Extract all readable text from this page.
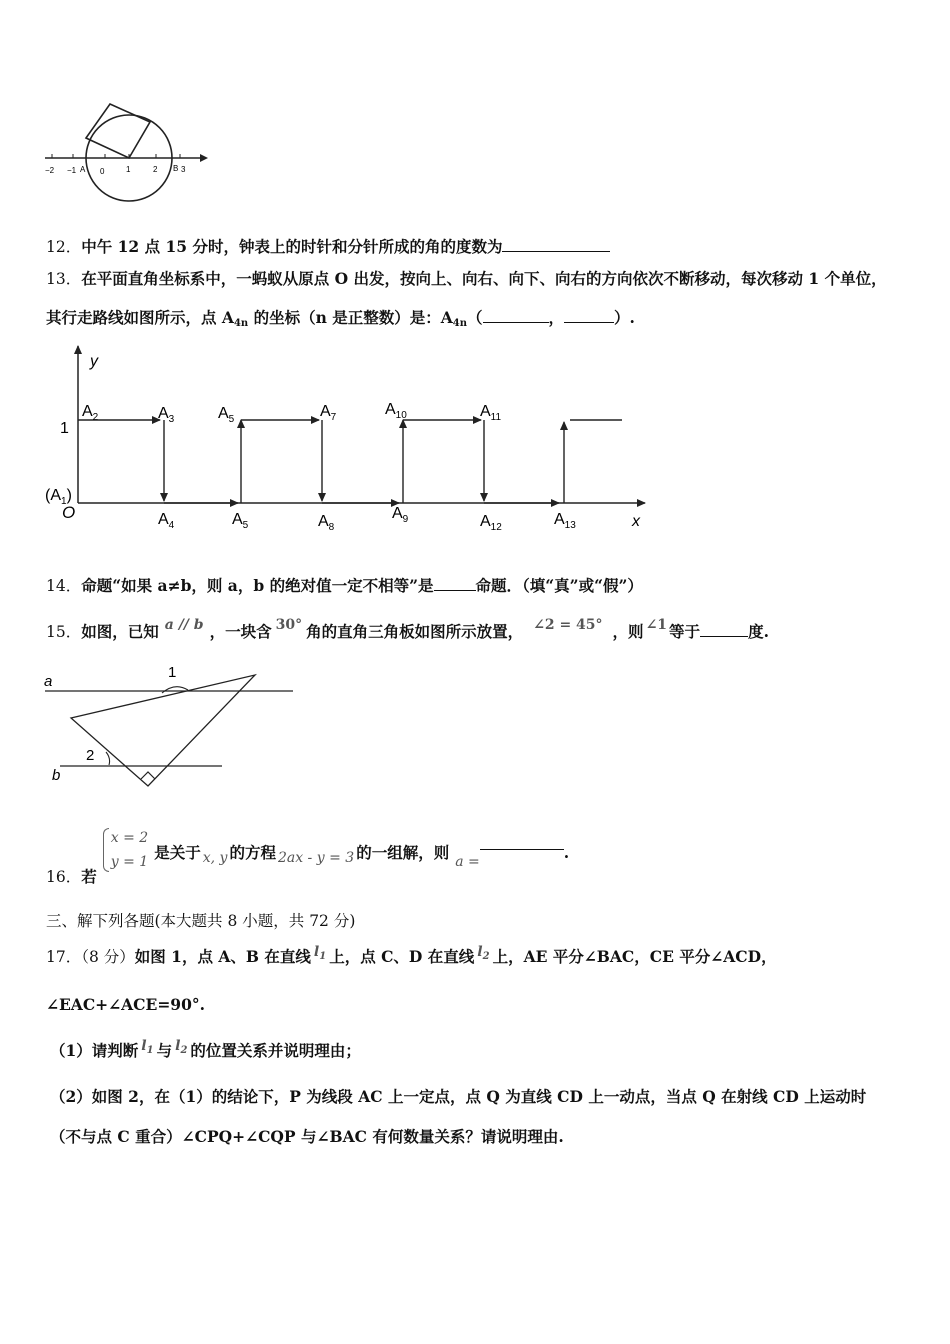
−2 −1 A 0	1	2 B 3
12．中午 12 点 15 分时，钟表上的时针和分针所成的角的度数为
13．在平面直角坐标系中，一蚂蚁从原点 O 出发，按向上、向右、向下、向右的方向依次不断移动，每次移动 1 个单位，
其行走路线如图所示，点 $A_{4n}$ 的坐标（n 是正整数）是：$A_{4n}$（	，	）.
y
x
1
O
$(A_1)$
$A_2$	$A_3$
$A_4$
$A_5$
$A_5$
$A_7$
$A_8$
$A_9$
$A_{10}$	$A_{11}$
$A_{12}$	$A_{13}$
14．命题“如果 a≠b，则 a，b 的绝对值一定不相等”是	命题．（填“真”或“假”）
15．如图，已知 a // b ，一块含 30° 角的直角三角板如图所示放置， ∠2 = 45° ，则 ∠1 等于	度.
a
b
1
2
16．若
x = 2
y = 1 是关于 x, y 的方程 2ax - y = 3 的一组解，则 a =	.
三、解下列各题(本大题共 8 小题，共 72 分)
17．（8 分）如图 1，点 A、B 在直线 $l_1$ 上，点 C、D 在直线 $l_2$ 上，AE 平分∠BAC，CE 平分∠ACD，
∠EAC+∠ACE=90°.
（1）请判断 $l_1$ 与 $l_2$ 的位置关系并说明理由；
（2）如图 2，在（1）的结论下，P 为线段 AC 上一定点，点 Q 为直线 CD 上一动点，当点 Q 在射线 CD 上运动时
（不与点 C 重合）∠CPQ+∠CQP 与∠BAC 有何数量关系？请说明理由.
